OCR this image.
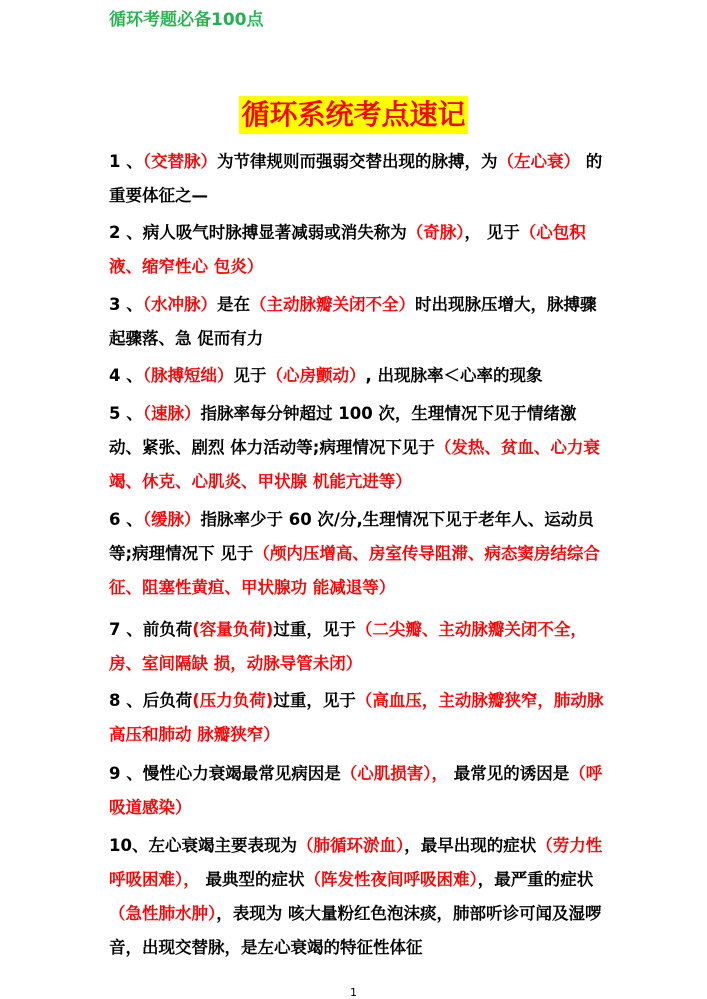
循环考题必备100点
循环系统考点速记

1 、（交替脉）为节律规则而强弱交替出现的脉搏，为（左心衰） 的重要体征之—

2 、病人吸气时脉搏显著减弱或消失称为（奇脉）， 见于（心包积液、缩窄性心 包炎）

3 、（水冲脉）是在（主动脉瓣关闭不全）时出现脉压增大，脉搏骤起骤落、急 促而有力

4 、（脉搏短绌）见于（心房颤动）, 出现脉率＜心率的现象

5 、（速脉）指脉率每分钟超过 100 次，生理情况下见于情绪激动、紧张、剧烈 体力活动等;病理情况下见于（发热、贫血、心力衰竭、休克、心肌炎、甲状腺 机能亢进等）

6 、（缓脉）指脉率少于 60 次/分,生理情况下见于老年人、运动员等;病理情况下 见于（颅内压增高、房室传导阻滞、病态窦房结综合征、阻塞性黄疸、甲状腺功 能减退等）

7 、前负荷(容量负荷)过重，见于（二尖瓣、主动脉瓣关闭不全，房、室间隔缺 损，动脉导管未闭）

8 、后负荷(压力负荷)过重，见于（高血压，主动脉瓣狭窄，肺动脉高压和肺动 脉瓣狭窄）

9 、慢性心力衰竭最常见病因是（心肌损害）， 最常见的诱因是（呼吸道感染）

10、左心衰竭主要表现为（肺循环淤血），最早出现的症状（劳力性呼吸困难）， 最典型的症状（阵发性夜间呼吸困难），最严重的症状（急性肺水肿），表现为 咳大量粉红色泡沫痰，肺部听诊可闻及湿啰音，出现交替脉，是左心衰竭的特征性体征

1
